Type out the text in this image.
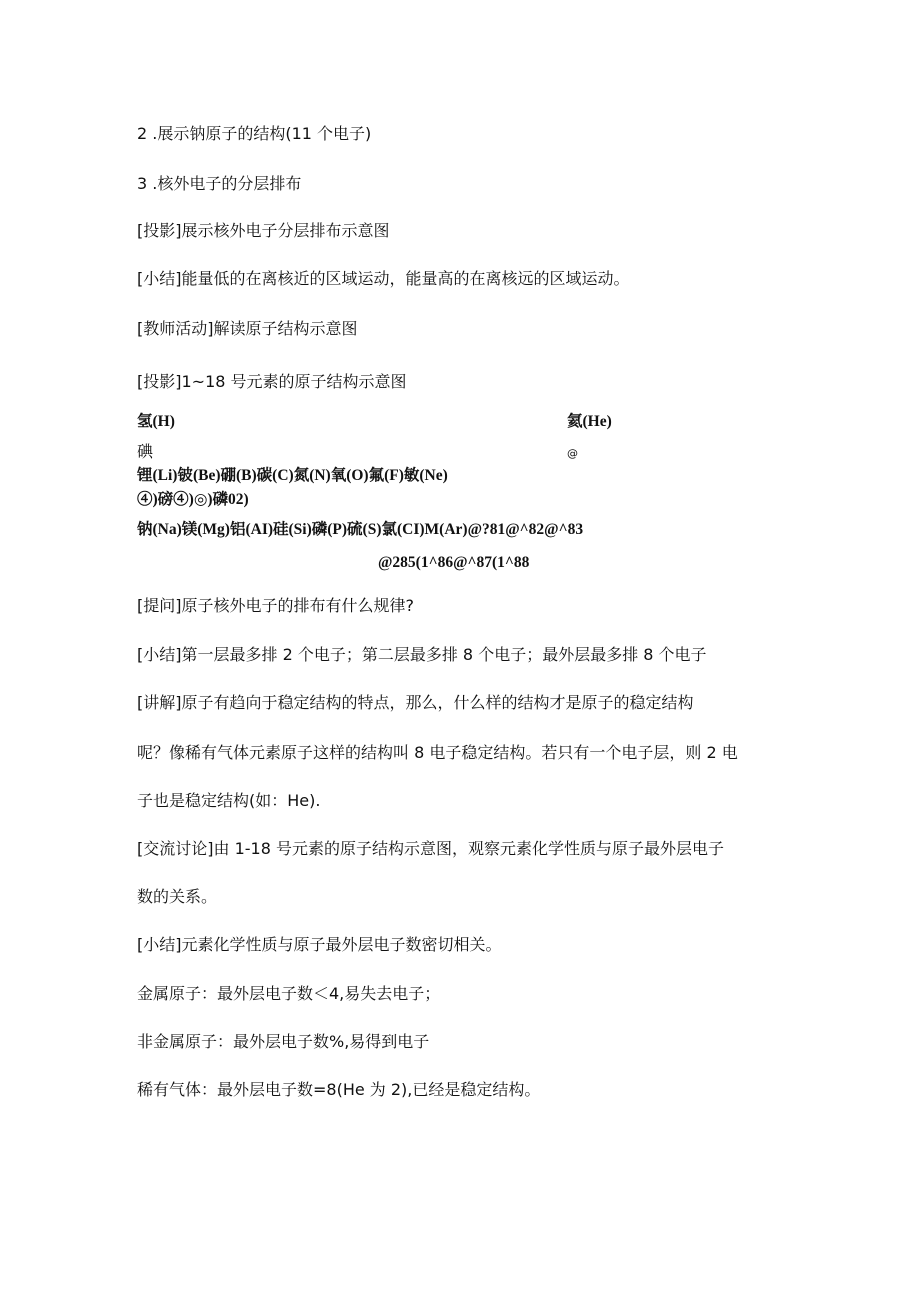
2 .展示钠原子的结构(11 个电子)
3 .核外电子的分层排布
[投影]展示核外电子分层排布示意图
[小结]能量低的在离核近的区域运动，能量高的在离核远的区域运动。
[教师活动]解读原子结构示意图
[投影]1~18 号元素的原子结构示意图
氢(H)	氦(He)
碘	@
锂(Li)铍(Be)硼(B)碳(C)氮(N)氧(O)氟(F)敏(Ne)
④)磅④)◎)磷02)
钠(Na)镁(Mg)铝(AI)硅(Si)磷(P)硫(S)氯(CI)M(Ar)@?81@^82@^83
@285(1^86@^87(1^88
[提问]原子核外电子的排布有什么规律?
[小结]第一层最多排 2 个电子；第二层最多排 8 个电子；最外层最多排 8 个电子
[讲解]原子有趋向于稳定结构的特点，那么，什么样的结构才是原子的稳定结构
呢？像稀有气体元素原子这样的结构叫 8 电子稳定结构。若只有一个电子层，则 2 电
子也是稳定结构(如：He).
[交流讨论]由 1-18 号元素的原子结构示意图，观察元素化学性质与原子最外层电子
数的关系。
[小结]元素化学性质与原子最外层电子数密切相关。
金属原子：最外层电子数＜4,易失去电子；
非金属原子：最外层电子数%,易得到电子
稀有气体：最外层电子数=8(He 为 2),已经是稳定结构。
